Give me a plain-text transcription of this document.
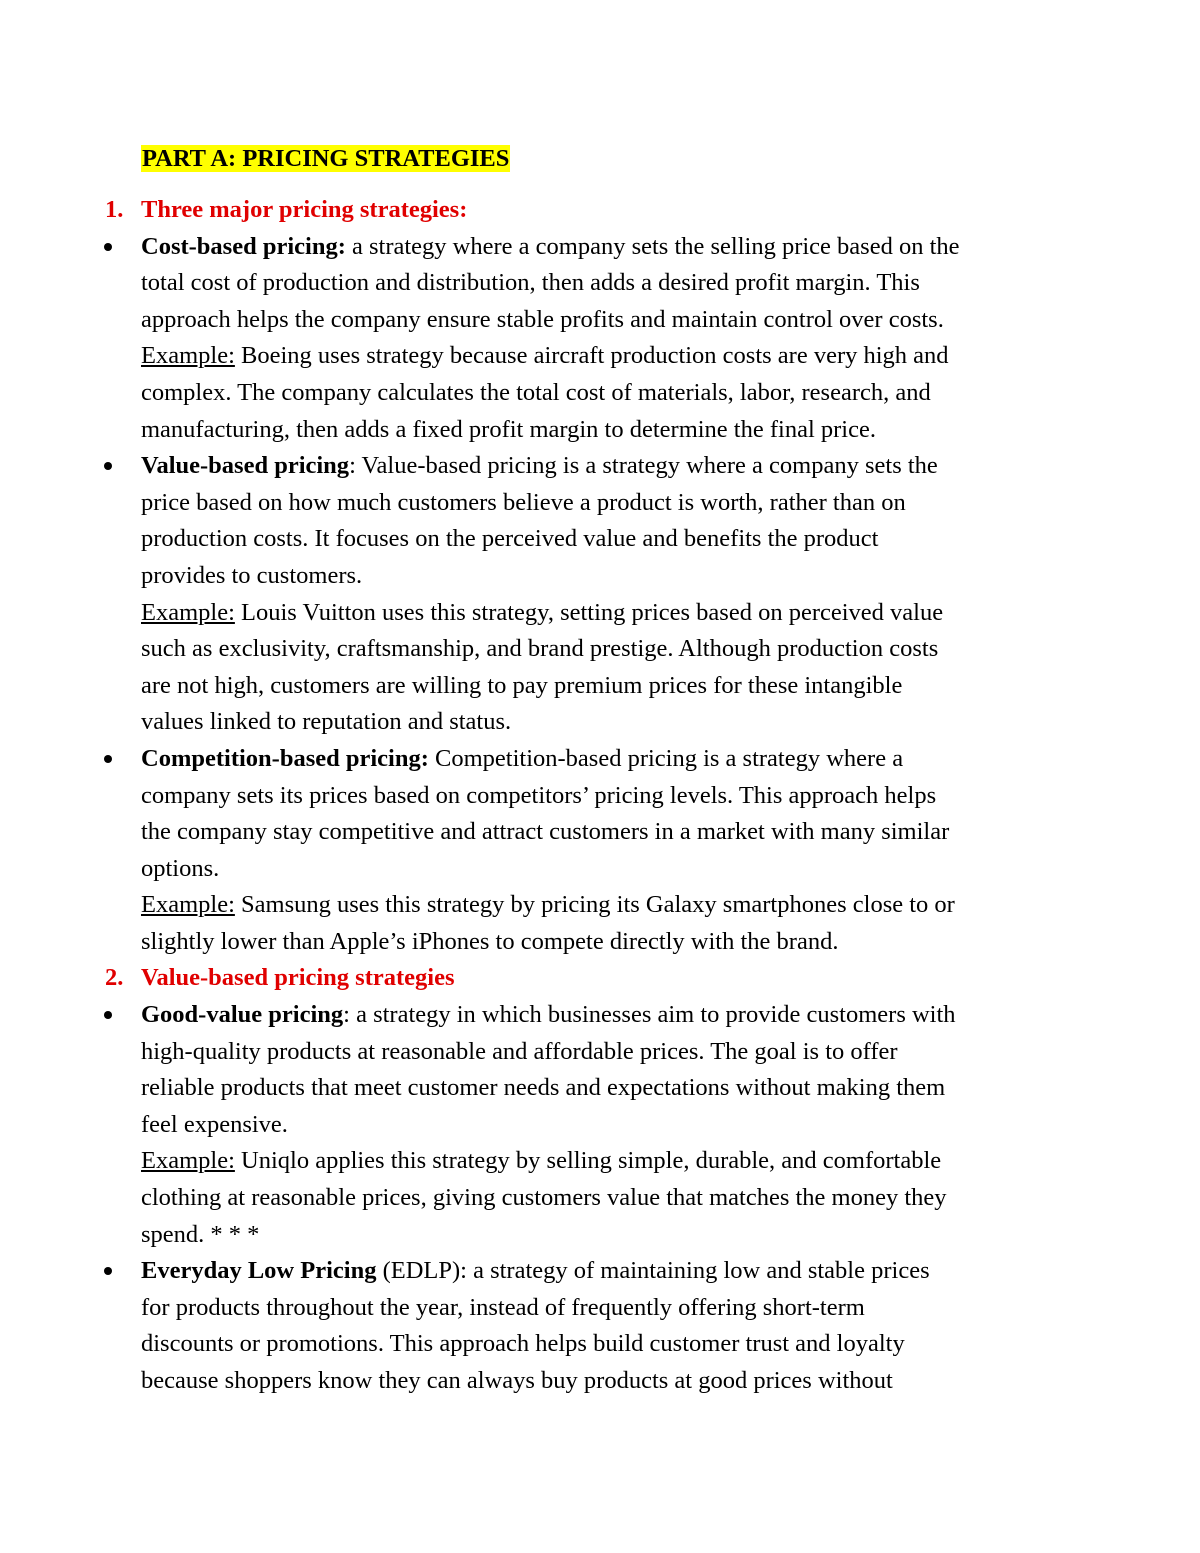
PART A: PRICING STRATEGIES
1. Three major pricing strategies:
Cost-based pricing: a strategy where a company sets the selling price based on the
total cost of production and distribution, then adds a desired profit margin. This
approach helps the company ensure stable profits and maintain control over costs.
Example: Boeing uses strategy because aircraft production costs are very high and
complex. The company calculates the total cost of materials, labor, research, and
manufacturing, then adds a fixed profit margin to determine the final price.
Value-based pricing: Value-based pricing is a strategy where a company sets the
price based on how much customers believe a product is worth, rather than on
production costs. It focuses on the perceived value and benefits the product
provides to customers.
Example: Louis Vuitton uses this strategy, setting prices based on perceived value
such as exclusivity, craftsmanship, and brand prestige. Although production costs
are not high, customers are willing to pay premium prices for these intangible
values linked to reputation and status.
Competition-based pricing: Competition-based pricing is a strategy where a
company sets its prices based on competitors’ pricing levels. This approach helps
the company stay competitive and attract customers in a market with many similar
options.
Example: Samsung uses this strategy by pricing its Galaxy smartphones close to or
slightly lower than Apple’s iPhones to compete directly with the brand.
2. Value-based pricing strategies
Good-value pricing: a strategy in which businesses aim to provide customers with
high-quality products at reasonable and affordable prices. The goal is to offer
reliable products that meet customer needs and expectations without making them
feel expensive.
Example: Uniqlo applies this strategy by selling simple, durable, and comfortable
clothing at reasonable prices, giving customers value that matches the money they
spend. * * *
Everyday Low Pricing (EDLP): a strategy of maintaining low and stable prices
for products throughout the year, instead of frequently offering short-term
discounts or promotions. This approach helps build customer trust and loyalty
because shoppers know they can always buy products at good prices without
